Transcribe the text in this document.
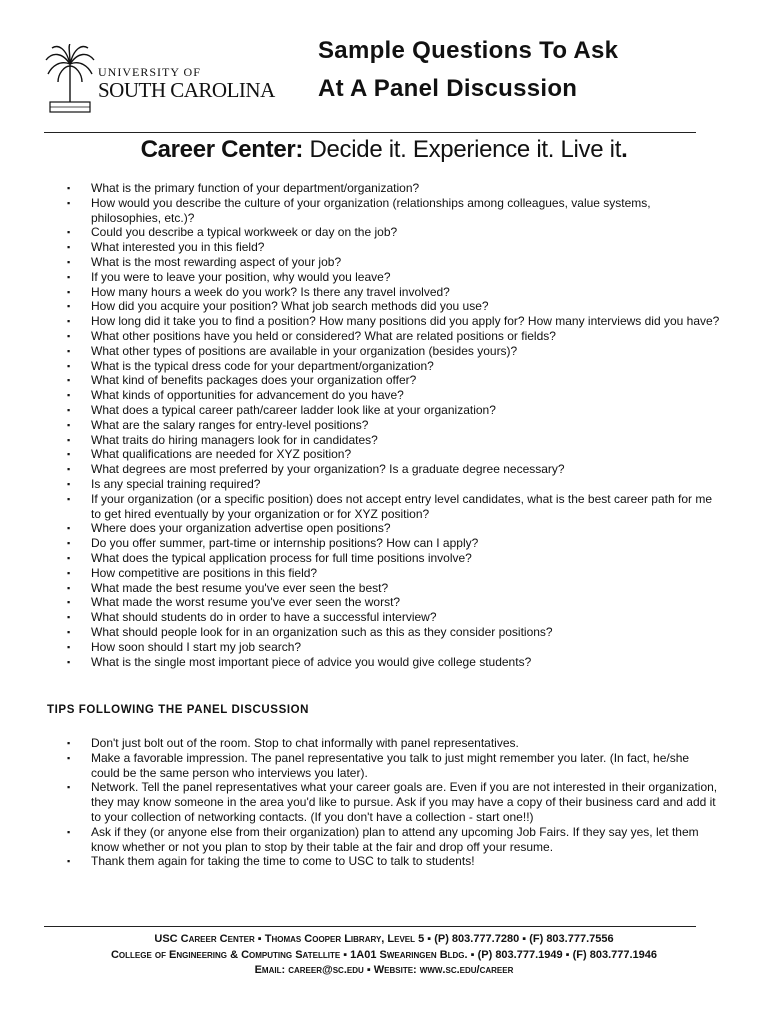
UNIVERSITY OF
SOUTH CAROLINA
Sample Questions To Ask
At A Panel Discussion
Career Center: Decide it. Experience it. Live it.
▪ What is the primary function of your department/organization?
▪ How would you describe the culture of your organization (relationships among colleagues, value systems, philosophies, etc.)?
▪ Could you describe a typical workweek or day on the job?
▪ What interested you in this field?
▪ What is the most rewarding aspect of your job?
▪ If you were to leave your position, why would you leave?
▪ How many hours a week do you work? Is there any travel involved?
▪ How did you acquire your position? What job search methods did you use?
▪ How long did it take you to find a position? How many positions did you apply for? How many interviews did you have?
▪ What other positions have you held or considered? What are related positions or fields?
▪ What other types of positions are available in your organization (besides yours)?
▪ What is the typical dress code for your department/organization?
▪ What kind of benefits packages does your organization offer?
▪ What kinds of opportunities for advancement do you have?
▪ What does a typical career path/career ladder look like at your organization?
▪ What are the salary ranges for entry-level positions?
▪ What traits do hiring managers look for in candidates?
▪ What qualifications are needed for XYZ position?
▪ What degrees are most preferred by your organization? Is a graduate degree necessary?
▪ Is any special training required?
▪ If your organization (or a specific position) does not accept entry level candidates, what is the best career path for me to get hired eventually by your organization or for XYZ position?
▪ Where does your organization advertise open positions?
▪ Do you offer summer, part-time or internship positions? How can I apply?
▪ What does the typical application process for full time positions involve?
▪ How competitive are positions in this field?
▪ What made the best resume you've ever seen the best?
▪ What made the worst resume you've ever seen the worst?
▪ What should students do in order to have a successful interview?
▪ What should people look for in an organization such as this as they consider positions?
▪ How soon should I start my job search?
▪ What is the single most important piece of advice you would give college students?
TIPS FOLLOWING THE PANEL DISCUSSION
▪ Don't just bolt out of the room. Stop to chat informally with panel representatives.
▪ Make a favorable impression. The panel representative you talk to just might remember you later. (In fact, he/she could be the same person who interviews you later).
▪ Network. Tell the panel representatives what your career goals are. Even if you are not interested in their organization, they may know someone in the area you'd like to pursue. Ask if you may have a copy of their business card and add it to your collection of networking contacts. (If you don't have a collection - start one!!)
▪ Ask if they (or anyone else from their organization) plan to attend any upcoming Job Fairs. If they say yes, let them know whether or not you plan to stop by their table at the fair and drop off your resume.
▪ Thank them again for taking the time to come to USC to talk to students!
USC Career Center ▪ Thomas Cooper Library, Level 5 ▪ (P) 803.777.7280 ▪ (F) 803.777.7556
College of Engineering & Computing Satellite ▪ 1A01 Swearingen Bldg. ▪ (P) 803.777.1949 ▪ (F) 803.777.1946
Email: career@sc.edu ▪ Website: www.sc.edu/career
